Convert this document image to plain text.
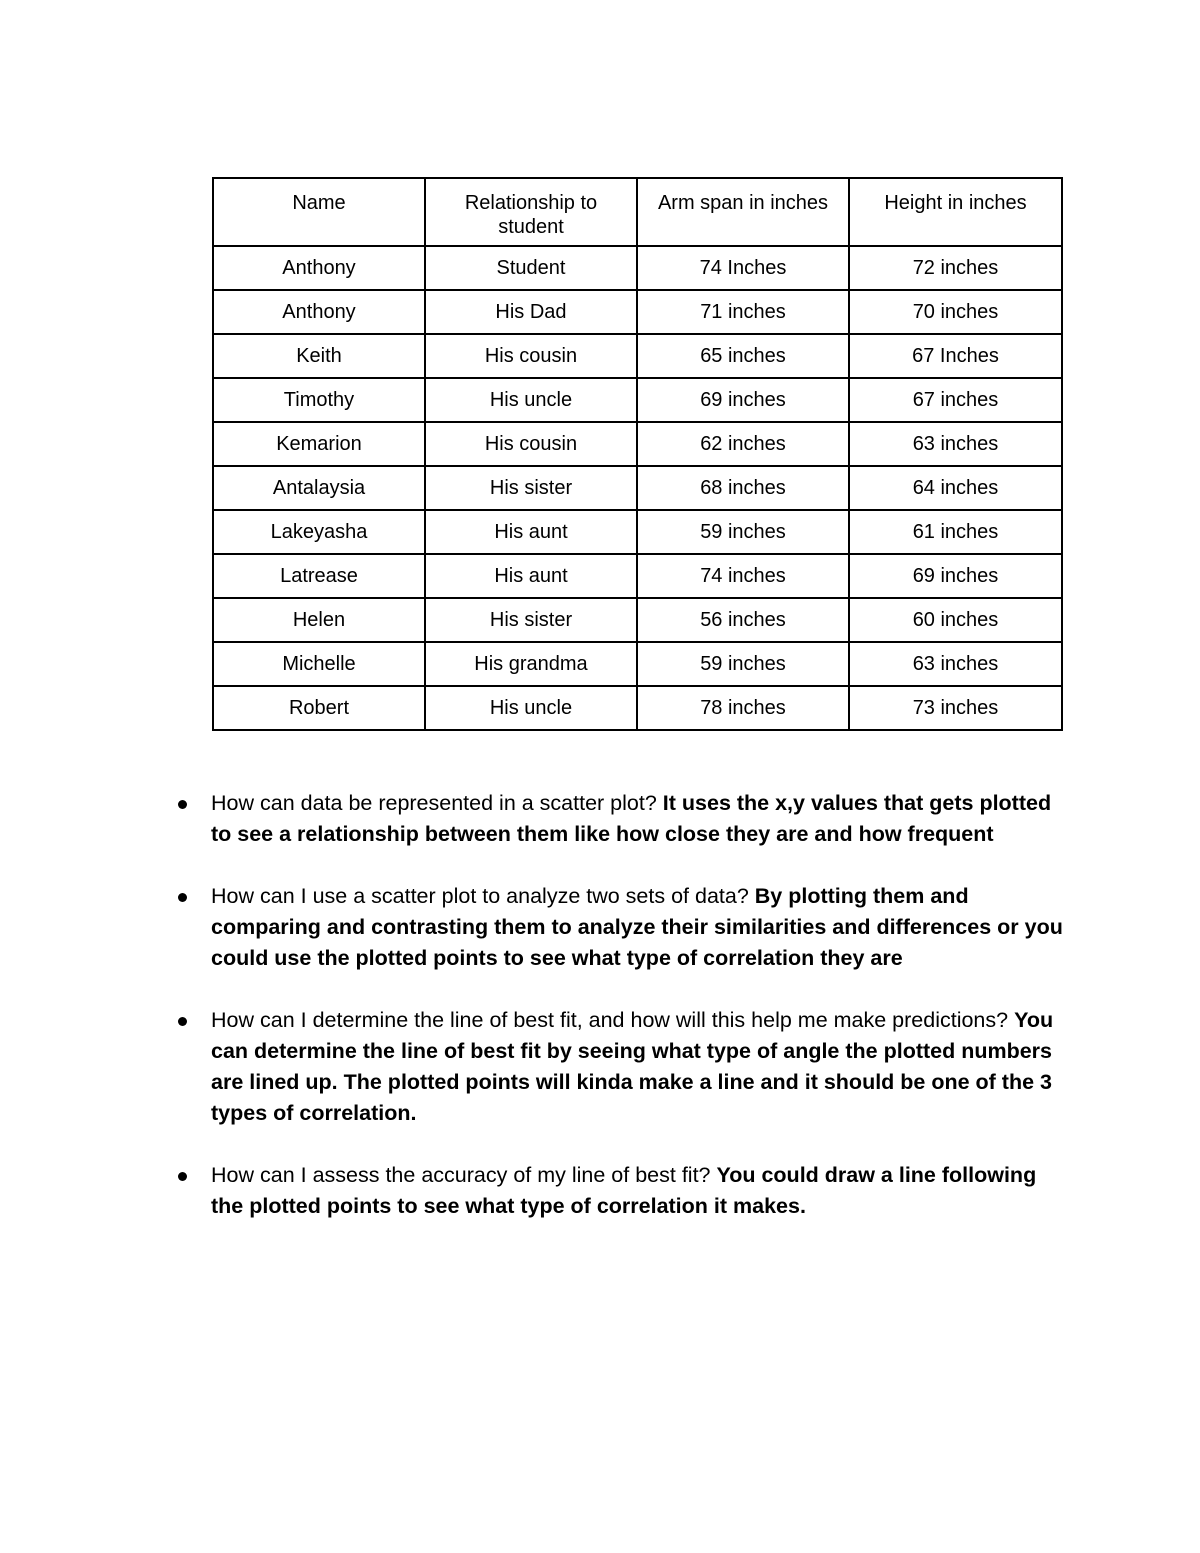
Name	Relationship to student	Arm span in inches	Height in inches
Anthony	Student	74 Inches	72 inches
Anthony	His Dad	71 inches	70 inches
Keith	His cousin	65 inches	67 Inches
Timothy	His uncle	69 inches	67 inches
Kemarion	His cousin	62 inches	63 inches
Antalaysia	His sister	68 inches	64 inches
Lakeyasha	His aunt	59 inches	61 inches
Latrease	His aunt	74 inches	69 inches
Helen	His sister	56 inches	60 inches
Michelle	His grandma	59 inches	63 inches
Robert	His uncle	78 inches	73 inches
How can data be represented in a scatter plot? It uses the x,y values that gets plotted to see a relationship between them like how close they are and how frequent
How can I use a scatter plot to analyze two sets of data? By plotting them and comparing and contrasting them to analyze their similarities and differences or you could use the plotted points to see what type of correlation they are
How can I determine the line of best fit, and how will this help me make predictions? You can determine the line of best fit by seeing what type of angle the plotted numbers are lined up. The plotted points will kinda make a line and it should be one of the 3 types of correlation.
How can I assess the accuracy of my line of best fit? You could draw a line following the plotted points to see what type of correlation it makes.
